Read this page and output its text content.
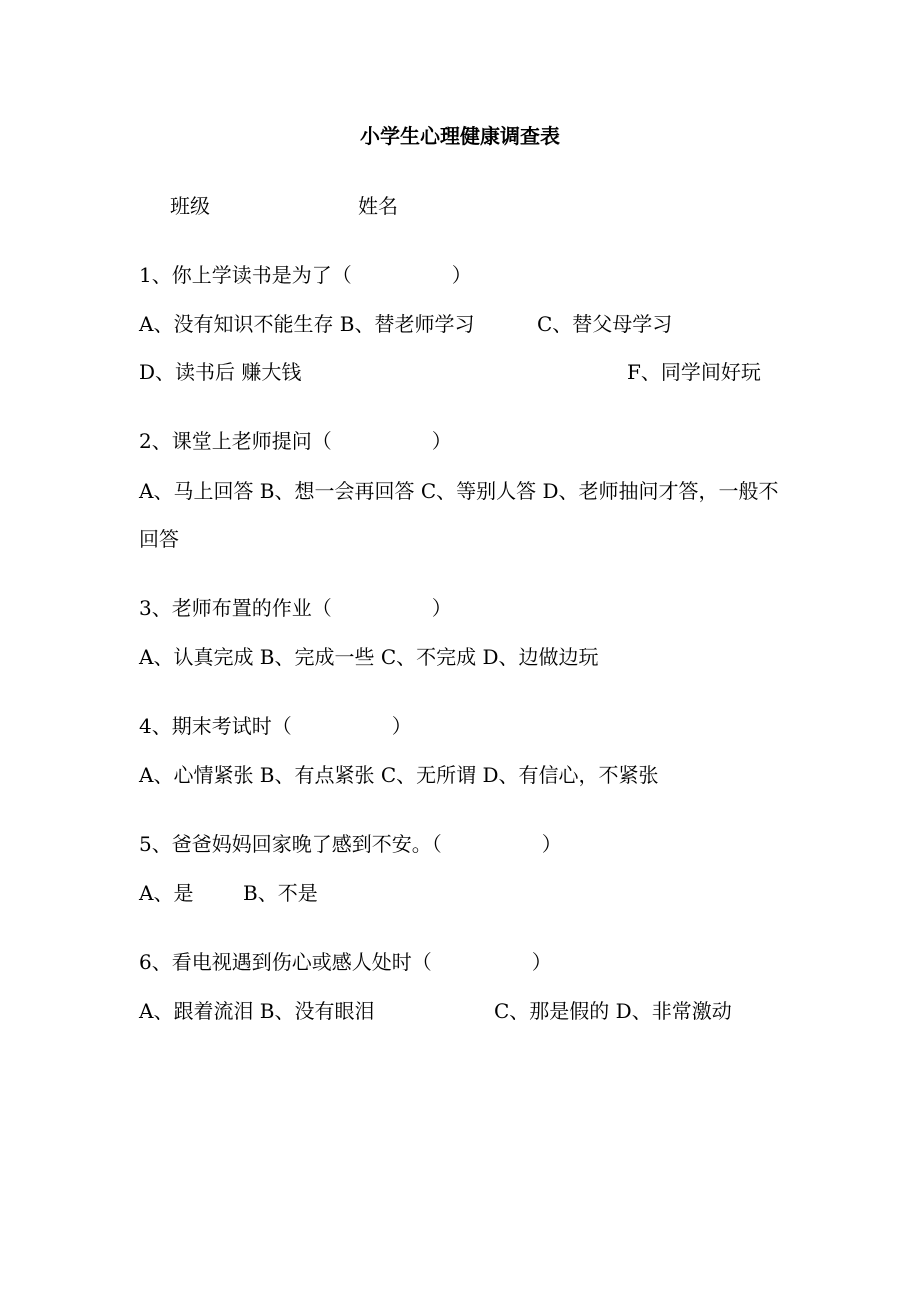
小学生心理健康调查表
班级	姓名
1、你上学读书是为了（　　　　　）
A、没有知识不能生存 B、替老师学习	C、替父母学习
D、读书后 赚大钱	F、同学间好玩
2、课堂上老师提问（　　　　　）
A、马上回答 B、想一会再回答 C、等别人答 D、老师抽问才答，一般不
回答
3、老师布置的作业（　　　　　）
A、认真完成 B、完成一些 C、不完成 D、边做边玩
4、期末考试时（　　　　　）
A、心情紧张 B、有点紧张 C、无所谓 D、有信心，不紧张
5、爸爸妈妈回家晚了感到不安。（　　　　　）
A、是 B、不是
6、看电视遇到伤心或感人处时（　　　　　）
A、跟着流泪 B、没有眼泪	C、那是假的 D、非常激动
